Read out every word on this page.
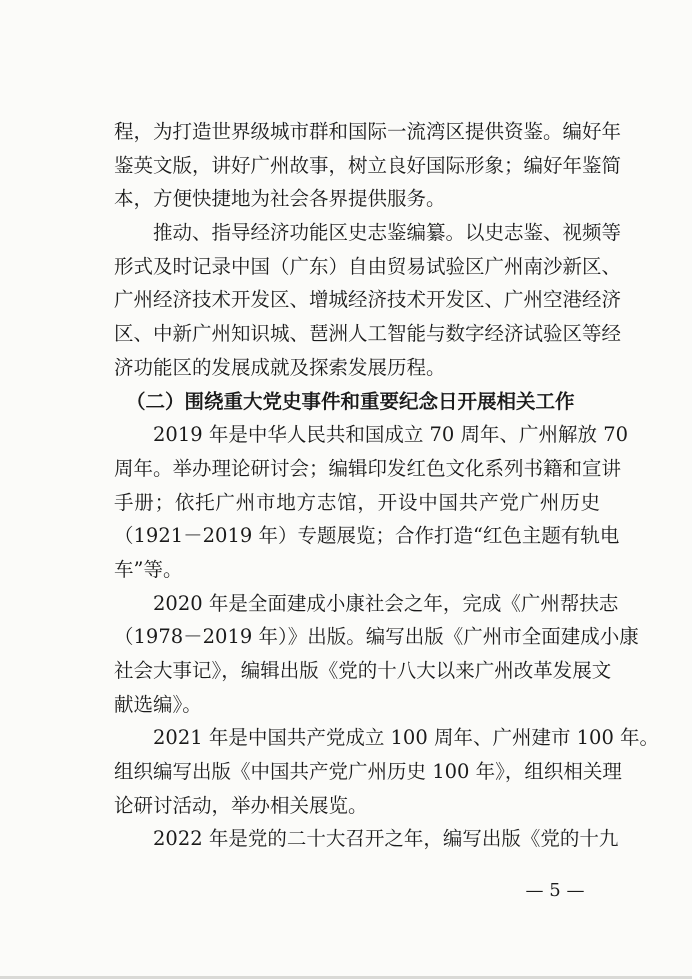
程，为打造世界级城市群和国际一流湾区提供资鉴。编好年
鉴英文版，讲好广州故事，树立良好国际形象；编好年鉴简
本，方便快捷地为社会各界提供服务。
推动、指导经济功能区史志鉴编纂。以史志鉴、视频等
形式及时记录中国（广东）自由贸易试验区广州南沙新区、
广州经济技术开发区、增城经济技术开发区、广州空港经济
区、中新广州知识城、琶洲人工智能与数字经济试验区等经
济功能区的发展成就及探索发展历程。
（二）围绕重大党史事件和重要纪念日开展相关工作
2019 年是中华人民共和国成立 70 周年、广州解放 70
周年。举办理论研讨会；编辑印发红色文化系列书籍和宣讲
手册；依托广州市地方志馆，开设中国共产党广州历史
（1921－2019 年）专题展览；合作打造“红色主题有轨电
车”等。
2020 年是全面建成小康社会之年，完成《广州帮扶志
（1978－2019 年）》出版。编写出版《广州市全面建成小康
社会大事记》，编辑出版《党的十八大以来广州改革发展文
献选编》。
2021 年是中国共产党成立 100 周年、广州建市 100 年。
组织编写出版《中国共产党广州历史 100 年》，组织相关理
论研讨活动，举办相关展览。
2022 年是党的二十大召开之年，编写出版《党的十九
— 5 —
